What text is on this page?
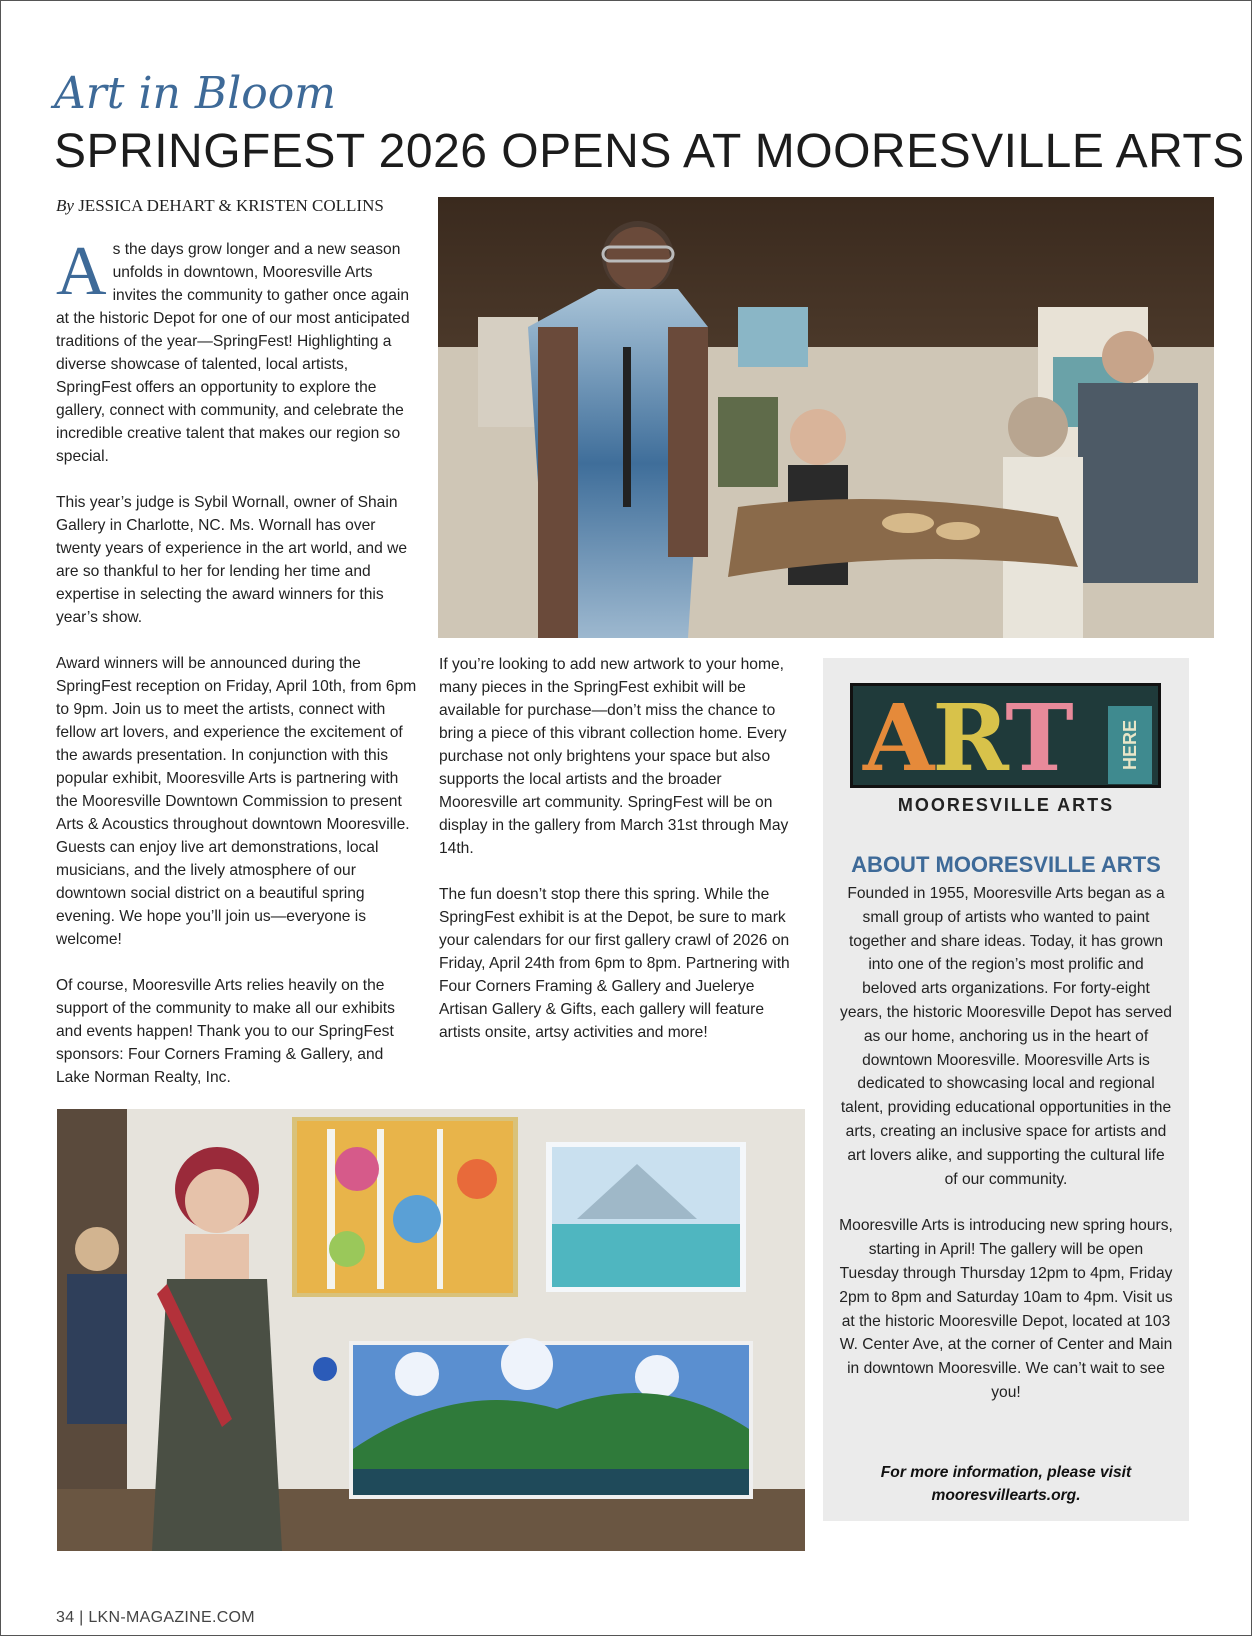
Art in Bloom
SPRINGFEST 2026 OPENS AT MOORESVILLE ARTS
By JESSICA DEHART & KRISTEN COLLINS

As the days grow longer and a new season unfolds in downtown, Mooresville Arts invites the community to gather once again at the historic Depot for one of our most anticipated traditions of the year—SpringFest! Highlighting a diverse showcase of talented, local artists, SpringFest offers an opportunity to explore the gallery, connect with community, and celebrate the incredible creative talent that makes our region so special.

This year’s judge is Sybil Wornall, owner of Shain Gallery in Charlotte, NC. Ms. Wornall has over twenty years of experience in the art world, and we are so thankful to her for lending her time and expertise in selecting the award winners for this year’s show.

Award winners will be announced during the SpringFest reception on Friday, April 10th, from 6pm to 9pm. Join us to meet the artists, connect with fellow art lovers, and experience the excitement of the awards presentation. In conjunction with this popular exhibit, Mooresville Arts is partnering with the Mooresville Downtown Commission to present Arts & Acoustics throughout downtown Mooresville. Guests can enjoy live art demonstrations, local musicians, and the lively atmosphere of our downtown social district on a beautiful spring evening. We hope you’ll join us—everyone is welcome!

Of course, Mooresville Arts relies heavily on the support of the community to make all our exhibits and events happen! Thank you to our SpringFest sponsors: Four Corners Framing & Gallery, and Lake Norman Realty, Inc.

If you’re looking to add new artwork to your home, many pieces in the SpringFest exhibit will be available for purchase—don’t miss the chance to bring a piece of this vibrant collection home. Every purchase not only brightens your space but also supports the local artists and the broader Mooresville art community. SpringFest will be on display in the gallery from March 31st through May 14th.

The fun doesn’t stop there this spring. While the SpringFest exhibit is at the Depot, be sure to mark your calendars for our first gallery crawl of 2026 on Friday, April 24th from 6pm to 8pm. Partnering with Four Corners Framing & Gallery and Juelerye Artisan Gallery & Gifts, each gallery will feature artists onsite, artsy activities and more!

ART	HERE
MOORESVILLE ARTS
ABOUT MOORESVILLE ARTS

Founded in 1955, Mooresville Arts began as a small group of artists who wanted to paint together and share ideas. Today, it has grown into one of the region’s most prolific and beloved arts organizations. For forty-eight years, the historic Mooresville Depot has served as our home, anchoring us in the heart of downtown Mooresville. Mooresville Arts is dedicated to showcasing local and regional talent, providing educational opportunities in the arts, creating an inclusive space for artists and art lovers alike, and supporting the cultural life of our community.

Mooresville Arts is introducing new spring hours, starting in April! The gallery will be open Tuesday through Thursday 12pm to 4pm, Friday 2pm to 8pm and Saturday 10am to 4pm. Visit us at the historic Mooresville Depot, located at 103 W. Center Ave, at the corner of Center and Main in downtown Mooresville. We can’t wait to see you!

For more information, please visit
mooresvillearts.org.
34 | LKN-MAGAZINE.COM
